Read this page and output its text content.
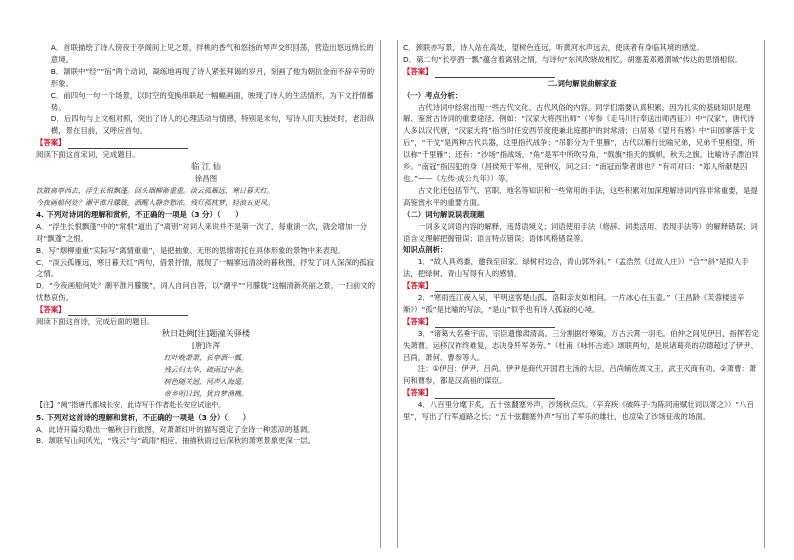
A．首联描绘了诗人傍夜于亭阁间上见之景，拌桃的香气和悠扬的琴声交织回荡，营造出悠远绵长的意境。

B．颔联中“经”“宿”两个动词，凝练地再现了诗人紧张拜谒的岁月，刻画了他为朝抗金而不辞辛劳的形象。

C．前四句一句一个场景，以时空的变换串联起一幅幅画面，映现了诗人的生活情形，为下文抒情蓄势。

D．后四句与上文相对照，突出了诗人的心理活动与情感，特别是末句，写诗人盯天独处时，老泪纵横，景在目前，又呼应首句。

【答案】

阅读下面这首宋词，完成题目。

临 江 仙

徐昌图

饮散离亭西去，浮生长恨飘蓬。回头烟柳渐重重。淡云孤雁远，寒日暮天红。

今夜画船何处？潮平淮月朦胧。酒醒人静奈愁浓。残灯孤枕梦，轻浪五更风。

4. 下列对诗词的理解和赏析，不正确的一项是（3 分）（　　）

A．“浮生长恨飘蓬”中的“常恨”道出了“离别”对词人来说并不是第一次了，每重演一次，就会增加一分对“飘蓬”之恨。

B．写“烟柳重重”实际写“离情重重”，是把抽象、无形的思绪寄托在具体形象的景物中来表现。

C．“淡云孤雁远，寒日暮天红”两句，借景抒情，展现了一幅寥远清淡的暮秋图，抒发了词人深深的孤寂之情。

D．“今夜画船何处？潮平淮月朦胧”，词人自问自答，以“潮平”“月朦胧”这幅清新亮丽之景，一扫前文的忧愁哀伤。

【答案】

阅读下面这首诗，完成后面的题目。

秋日赴阙[注]题潼关驿楼

[唐]许浑

红叶晚萧萧，长亭酒一瓢。

残云归太华，疏雨过中条。

树色随关迥，河声入海遥。

帝乡明日到，犹自梦渔樵。

【注】“阙”指唐代都城长安，此诗写于作者赴长安应试途中。

5. 下列对这首诗的理解和赏析，不正确的一项是（3 分）（　　）

A．此诗开篇勾勒出一幅秋日行旅图，对萧萧红叶的描写奠定了全诗一种悲凉的基调。

B．颔联写山间风光，“残云”与“疏雨”相应。抽描秋雨过后深秋的萧寒景象更深一层。

C．颈联亦写景，诗人站在高处，望树色连远，听黄河水声远去，使读者有身临其境的感觉。

D．第二句“长亭酒一瓢”蕴含着离别之情，与诗句“东风吹晓故相忆，胡塞羞邓遏渭城”传达的思情相似。

【答案】

二.词句解说曲解家查

（一）考点分析：

古代诗词中经常出现一些古代文化、古代风俗的内容，同学们需要认真积累，因为扎实的基础知识是理解、鉴赏古诗词的重要途径。例如：“汉家大将西出师”（岑参《走马川行奉送出师西征》）中“汉家”，唐代诗人多以汉代唐，“汉家大将”指当时任安西节度使兼北庭都护的封常清；白居易《望月有感》中“田园寥落干戈后”，“干戈”是两种古代兵器，这里指代战争；“吊影分为千里雁”，古代以雁行比喻兄弟，兄弟千里相望，所以称“千里雁”；还有：“沙场”指战场，“角”是军中所吹号角，“戟旗”指天的旗帜，秋天之旗。比喻诗子漂泊异乡。“南冠”指囚犯的身（昌侯苑于军州，见钟仪，问之曰：“南冠而挚者谁也？”有司对曰：“郑人所献楚囚也。”——《左传·成公九年》）等。

古文化还包括节气、官职、地名等知识和一些常用的手法，这些积累对加深理解诗词内容非常重要，是提高鉴赏水平的重要方面。

（二）词句解说误表现题

一词多义词语内容的解释，违背语境义；词语使用手法（修辞、词类活用、表现手法等）的解释错误；词语含义理解把握错误；语言特点错误；语体风格错误等。

知识点剖析：

1．“故人具鸡黍，邀我至田家。绿树村边合，青山郭外斜。”（孟浩然《过故人庄》）“合”“斜”是拟人手法，把绿树、青山写得有人的感情。

【答案】

2．“寒雨连江夜入吴，平明送客楚山孤。洛阳亲友如相问，一片冰心在玉壶。”（王昌龄《芙蓉楼送辛渐》）“孤”是比喻的写法，“是山”似乎也有诗人孤寂的心境。

【答案】

3．“诸葛大名垂宇宙，宗臣遗像肃清高。三分割据纡筹策，万古云霄一羽毛。伯仲之间见伊吕，指挥若定失萧曹。运移汉祚终难复，志决身歼军务劳。”（杜甫《咏怀古迹》颂联两句，是说诸葛亮的功德超过了伊尹、吕尚，萧何、曹参等人。

注：①伊吕：伊尹、吕尚。伊尹是商代开国君主汤的大臣，吕尚辅佐周文王、武王灭商有功。②萧曹：萧何和曹参，都是汉高祖的谋臣。

【答案】

4．八百里分麾下炙，五十弦翻塞外声，沙场秋点兵。（辛弃疾《破阵子·为陈同甫赋壮词以寄之》）“八百里”，写出了行军道路之长；“五十弦翻塞外声”写出了军乐的雄壮，也渲染了沙场征战的场面。
